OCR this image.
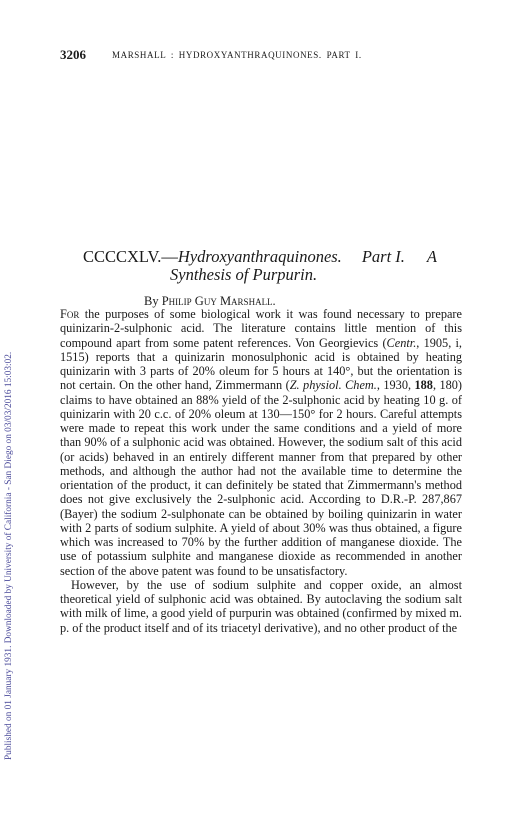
Published on 01 January 1931. Downloaded by University of California - San Diego on 03/03/2016 15:03:02.
3206	MARSHALL : HYDROXYANTHRAQUINONES. PART I.
CCCCXLV.—Hydroxyanthraquinones. Part I. A
Synthesis of Purpurin.
By Philip Guy Marshall.

For the purposes of some biological work it was found necessary to prepare quinizarin-2-sulphonic acid. The literature contains little mention of this compound apart from some patent references. Von Georgievics (Centr., 1905, i, 1515) reports that a quinizarin monosulphonic acid is obtained by heating quinizarin with 3 parts of 20% oleum for 5 hours at 140°, but the orientation is not certain. On the other hand, Zimmermann (Z. physiol. Chem., 1930, 188, 180) claims to have obtained an 88% yield of the 2-sulphonic acid by heating 10 g. of quinizarin with 20 c.c. of 20% oleum at 130—150° for 2 hours. Careful attempts were made to repeat this work under the same conditions and a yield of more than 90% of a sulphonic acid was obtained. However, the sodium salt of this acid (or acids) behaved in an entirely different manner from that prepared by other methods, and although the author had not the available time to determine the orientation of the product, it can definitely be stated that Zimmermann's method does not give exclusively the 2-sulphonic acid. According to D.R.-P. 287,867 (Bayer) the sodium 2-sulphonate can be obtained by boiling quinizarin in water with 2 parts of sodium sulphite. A yield of about 30% was thus obtained, a figure which was increased to 70% by the further addition of manganese dioxide. The use of potassium sulphite and manganese dioxide as recommended in another section of the above patent was found to be unsatisfactory.

However, by the use of sodium sulphite and copper oxide, an almost theoretical yield of sulphonic acid was obtained. By autoclaving the sodium salt with milk of lime, a good yield of purpurin was obtained (confirmed by mixed m. p. of the product itself and of its triacetyl derivative), and no other product of the
